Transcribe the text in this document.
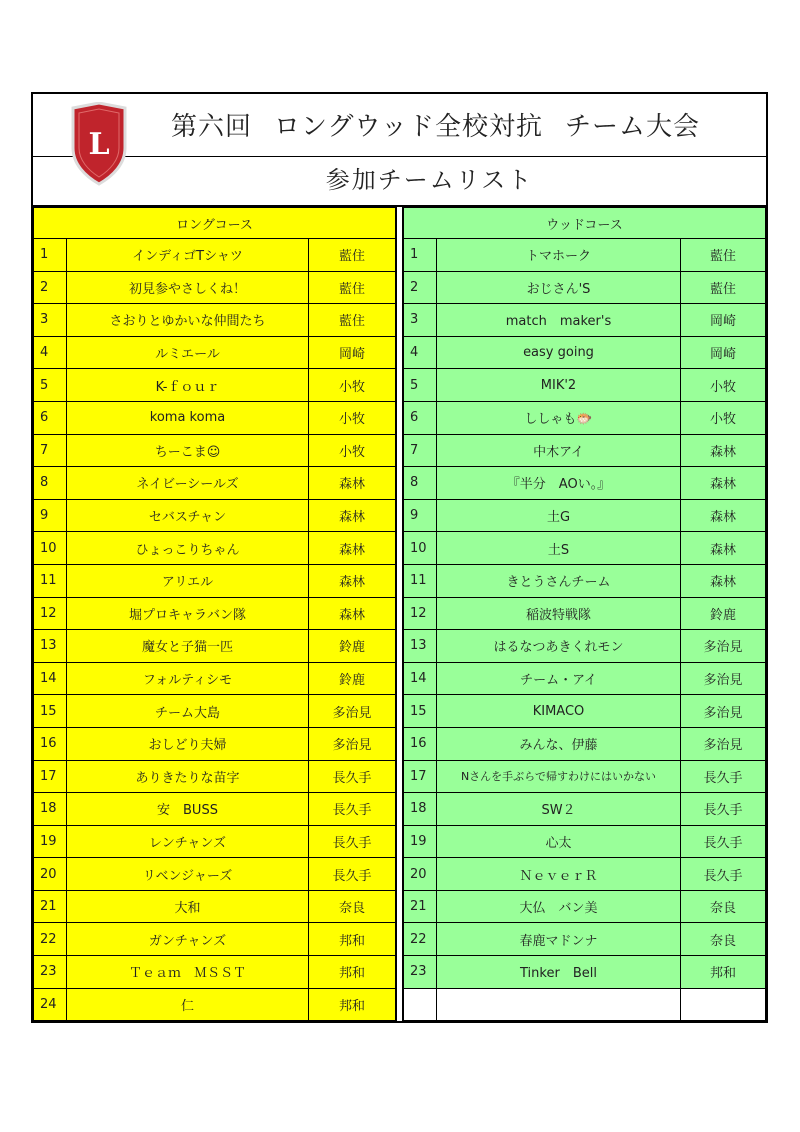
L 第六回 ロングウッド全校対抗 チーム大会
参加チームリスト
ロングコース		
1	インディゴTシャツ	藍住
2	初見参やさしくね！	藍住
3	さおりとゆかいな仲間たち	藍住
4	ルミエール	岡崎
5	K-ｆｏｕｒ	小牧
6	koma koma	小牧
7	ちーこま☺	小牧
8	ネイビーシールズ	森林
9	セバスチャン	森林
10	ひょっこりちゃん	森林
11	アリエル	森林
12	堀プロキャラバン隊	森林
13	魔女と子猫一匹	鈴鹿
14	フォルティシモ	鈴鹿
15	チーム大島	多治見
16	おしどり夫婦	多治見
17	ありきたりな苗字	長久手
18	安　BUSS	長久手
19	レンチャンズ	長久手
20	リベンジャーズ	長久手
21	大和	奈良
22	ガンチャンズ	邦和
23	Ｔｅａｍ　ＭＳＳＴ	邦和
24	仁	邦和
ウッドコース		
1	トマホーク	藍住
2	おじさん'S	藍住
3	match　maker's	岡崎
4	easy going	岡崎
5	MIK'2	小牧
6	ししゃも🐡	小牧
7	中木アイ	森林
8	『半分　AOい。』	森林
9	土G	森林
10	土S	森林
11	きとうさんチーム	森林
12	稲波特戦隊	鈴鹿
13	はるなつあきくれモン	多治見
14	チーム・アイ	多治見
15	KIMACO	多治見
16	みんな、伊藤	多治見
17	Nさんを手ぶらで帰すわけにはいかない	長久手
18	SW２	長久手
19	心太	長久手
20	ＮｅｖｅｒＲ	長久手
21	大仏　バン美	奈良
22	春鹿マドンナ	奈良
23	Tinker　Bell	邦和
